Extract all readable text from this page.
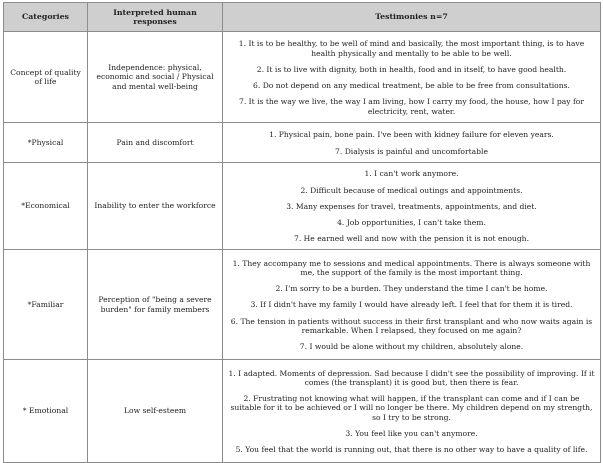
Categories	Interpreted human responses	Testimonies n=7
Concept of quality of life	Independence: physical, economic and social / Physical and mental well-being	1. It is to be healthy, to be well of mind and basically, the most important thing, is to have health physically and mentally to be able to be well.

2. It is to live with dignity, both in health, food and in itself, to have good health.

6. Do not depend on any medical treatment, be able to be free from consultations.

7. It is the way we live, the way I am living, how I carry my food, the house, how I pay for electricity, rent, water.

*Physical	Pain and discomfort	1. Physical pain, bone pain. I've been with kidney failure for eleven years.

7. Dialysis is painful and uncomfortable

*Economical	Inability to enter the workforce	1. I can't work anymore.

2. Difficult because of medical outings and appointments.

3. Many expenses for travel, treatments, appointments, and diet.

4. Job opportunities, I can't take them.

7. He earned well and now with the pension it is not enough.

*Familiar	Perception of "being a severe burden" for family members	1. They accompany me to sessions and medical appointments. There is always someone with me, the support of the family is the most important thing.

2. I'm sorry to be a burden. They understand the time I can't be home.

3. If I didn't have my family I would have already left. I feel that for them it is tired.

6. The tension in patients without success in their first transplant and who now waits again is remarkable. When I relapsed, they focused on me again?

7. I would be alone without my children, absolutely alone.

* Emotional	Low self-esteem	1. I adapted. Moments of depression. Sad because I didn't see the possibility of improving. If it comes (the transplant) it is good but, then there is fear.

2. Frustrating not knowing what will happen, if the transplant can come and if I can be suitable for it to be achieved or I will no longer be there. My children depend on my strength, so I try to be strong.

3. You feel like you can't anymore.

5. You feel that the world is running out, that there is no other way to have a quality of life.
